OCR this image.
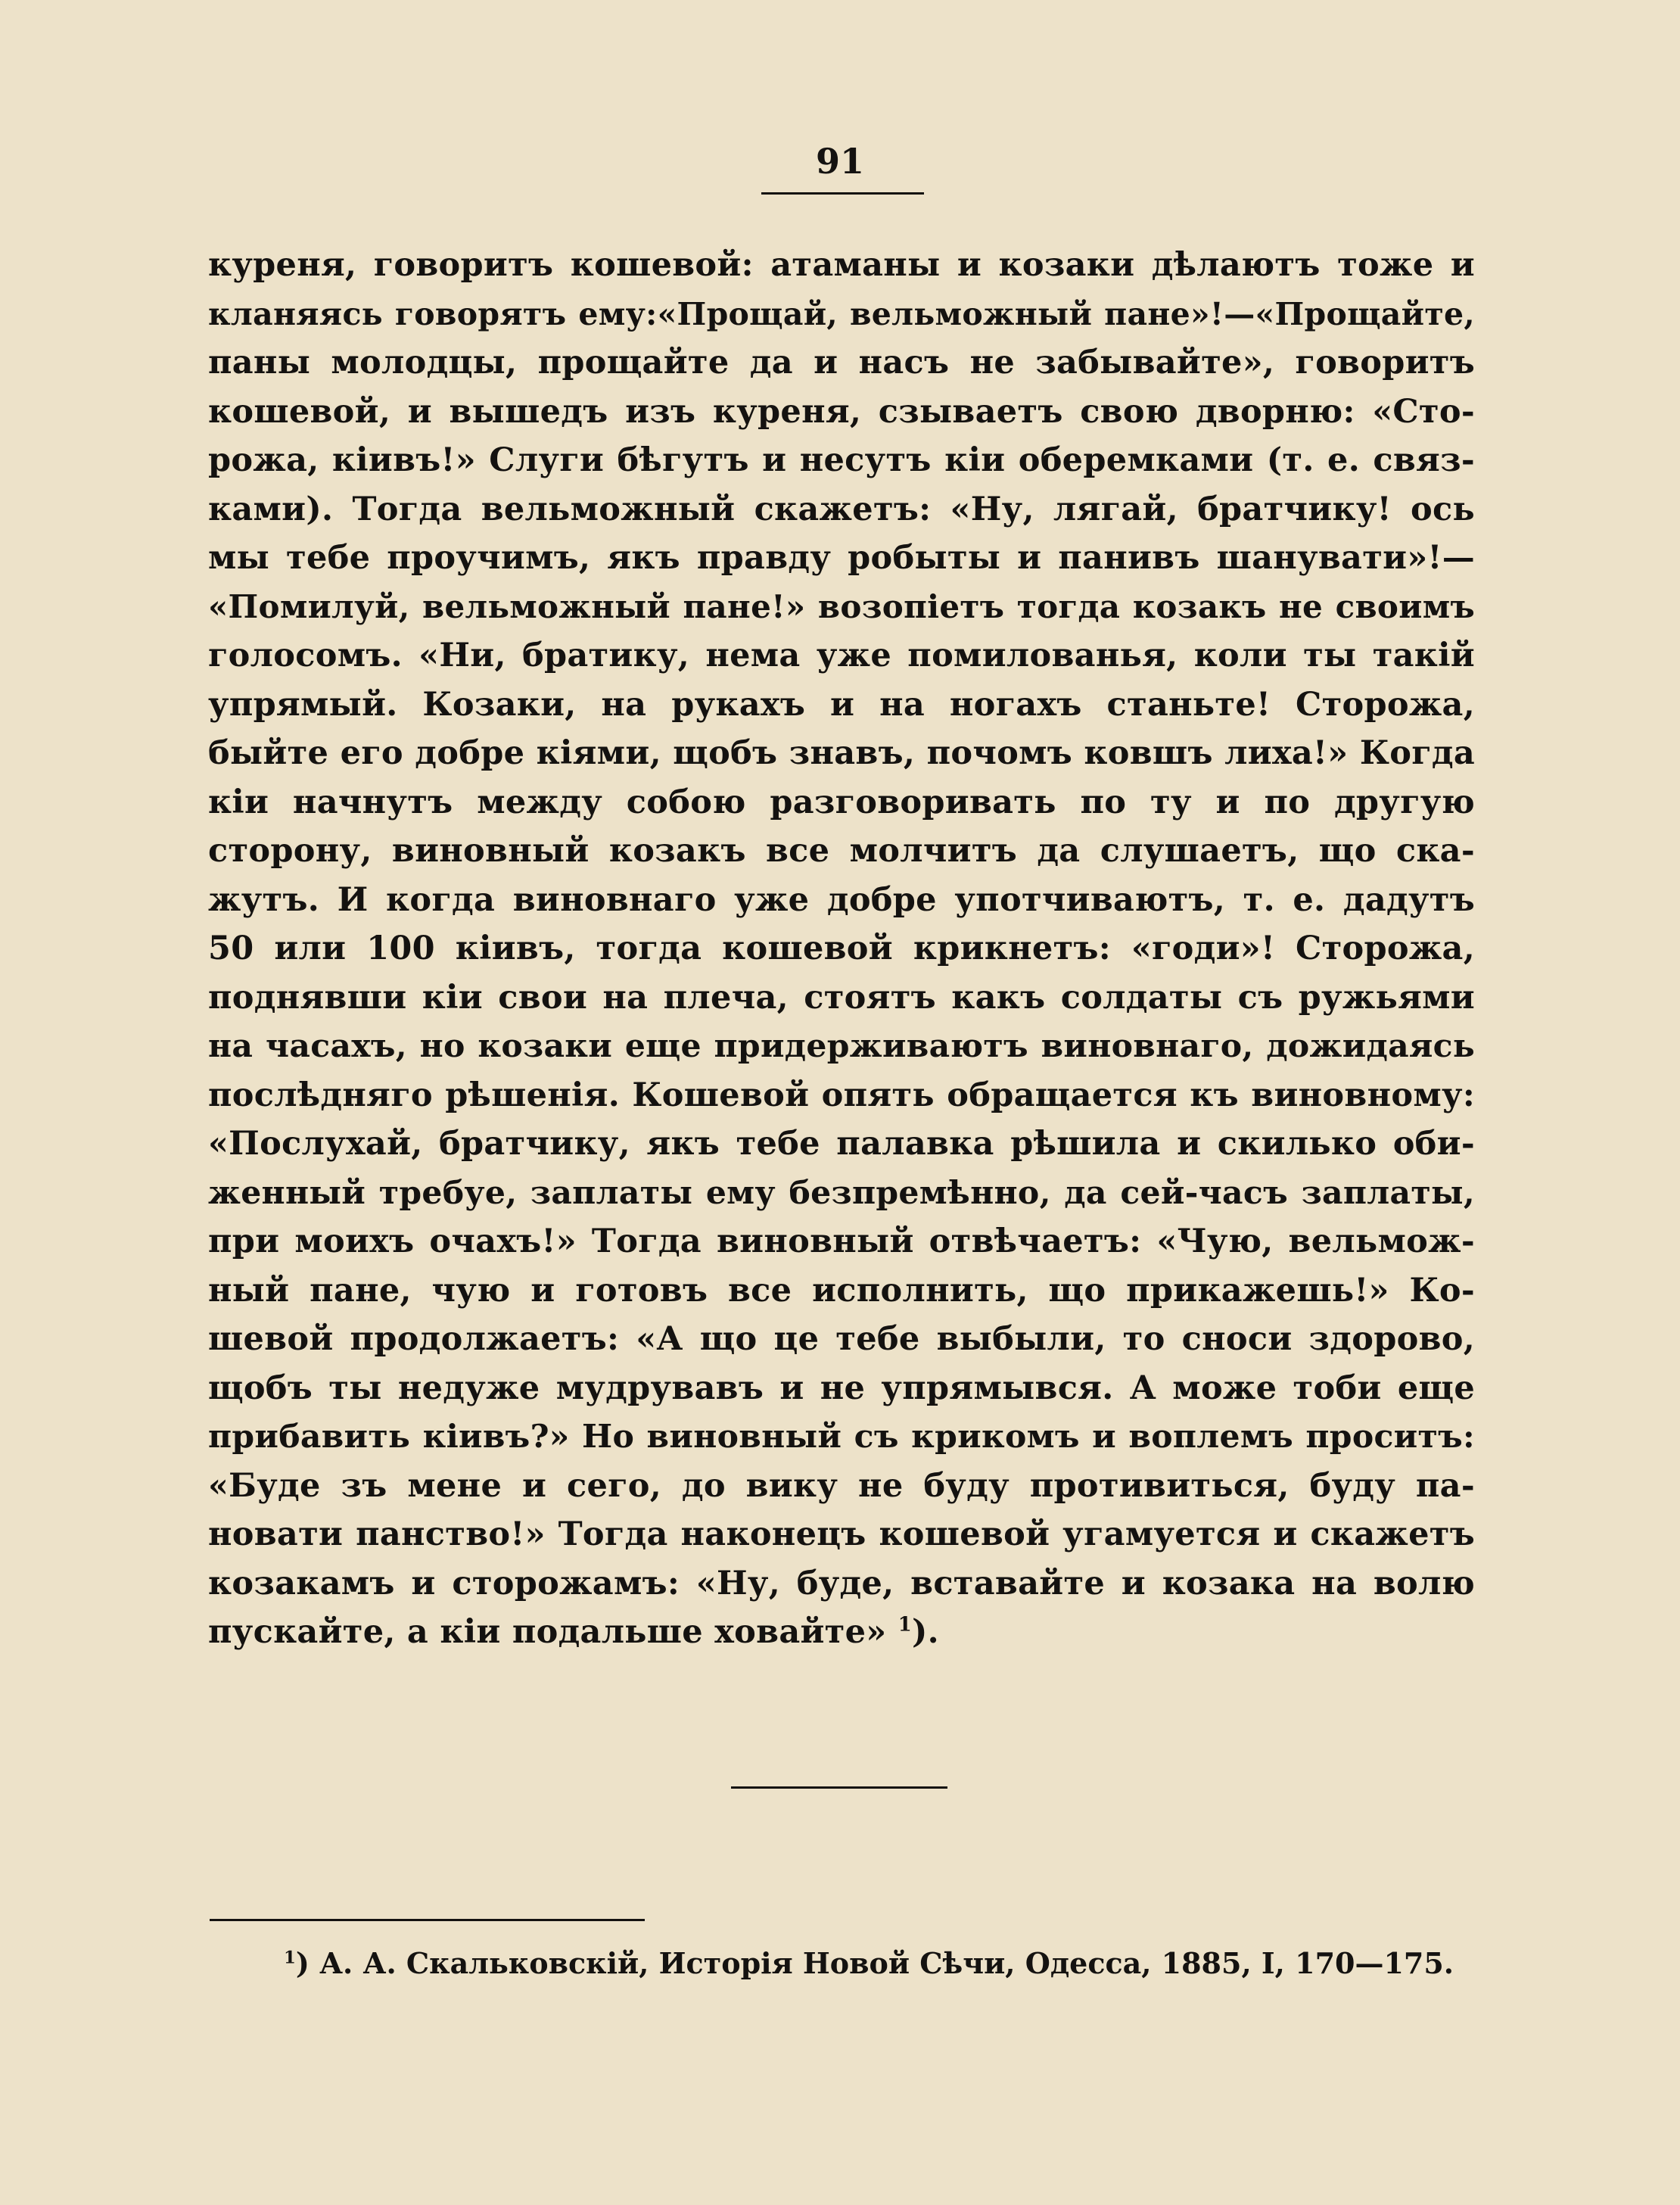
91
куреня, говоритъ кошевой: атаманы и козаки дѣлаютъ тоже и
кланяясь говорятъ ему:«Прощай, вельможный пане»!—«Прощайте,
паны молодцы, прощайте да и насъ не забывайте», говоритъ
кошевой, и вышедъ изъ куреня, сзываетъ свою дворню: «Сто-
рожа, кiивъ!» Слуги бѣгутъ и несутъ кiи оберемками (т. е. связ-
ками). Тогда вельможный скажетъ: «Ну, лягай, братчику! ось
мы тебе проучимъ, якъ правду робыты и панивъ шанувати»!—
«Помилуй, вельможный пане!» возопiетъ тогда козакъ не своимъ
голосомъ. «Ни, братику, нема уже помилованья, коли ты такiй
упрямый. Козаки, на рукахъ и на ногахъ станьте! Сторожа,
быйте его добре кiями, щобъ знавъ, почомъ ковшъ лиха!» Когда
кiи начнутъ между собою разговоривать по ту и по другую
сторону, виновный козакъ все молчитъ да слушаетъ, що ска-
жутъ. И когда виновнаго уже добре употчиваютъ, т. е. дадутъ
50 или 100 кiивъ, тогда кошевой крикнетъ: «годи»! Сторожа,
поднявши кiи свои на плеча, стоятъ какъ солдаты съ ружьями
на часахъ, но козаки еще придерживаютъ виновнаго, дожидаясь
послѣдняго рѣшенiя. Кошевой опять обращается къ виновному:
«Послухай, братчику, якъ тебе палавка рѣшила и скилько оби-
женный требуе, заплаты ему безпремѣнно, да сей-часъ заплаты,
при моихъ очахъ!» Тогда виновный отвѣчаетъ: «Чую, вельмож-
ный пане, чую и готовъ все исполнить, що прикажешь!» Ко-
шевой продолжаетъ: «А що це тебе выбыли, то сноси здорово,
щобъ ты недуже мудрувавъ и не упрямывся. А може тоби еще
прибавить кiивъ?» Но виновный съ крикомъ и воплемъ проситъ:
«Буде зъ мене и сего, до вику не буду противиться, буду па-
новати панство!» Тогда наконецъ кошевой угамуется и скажетъ
козакамъ и сторожамъ: «Ну, буде, вставайте и козака на волю
пускайте, а кiи подальше ховайте» $^1$).
$^1$) А. А. Скальковскiй, Исторiя Новой Сѣчи, Одесса, 1885, I, 170—175.
